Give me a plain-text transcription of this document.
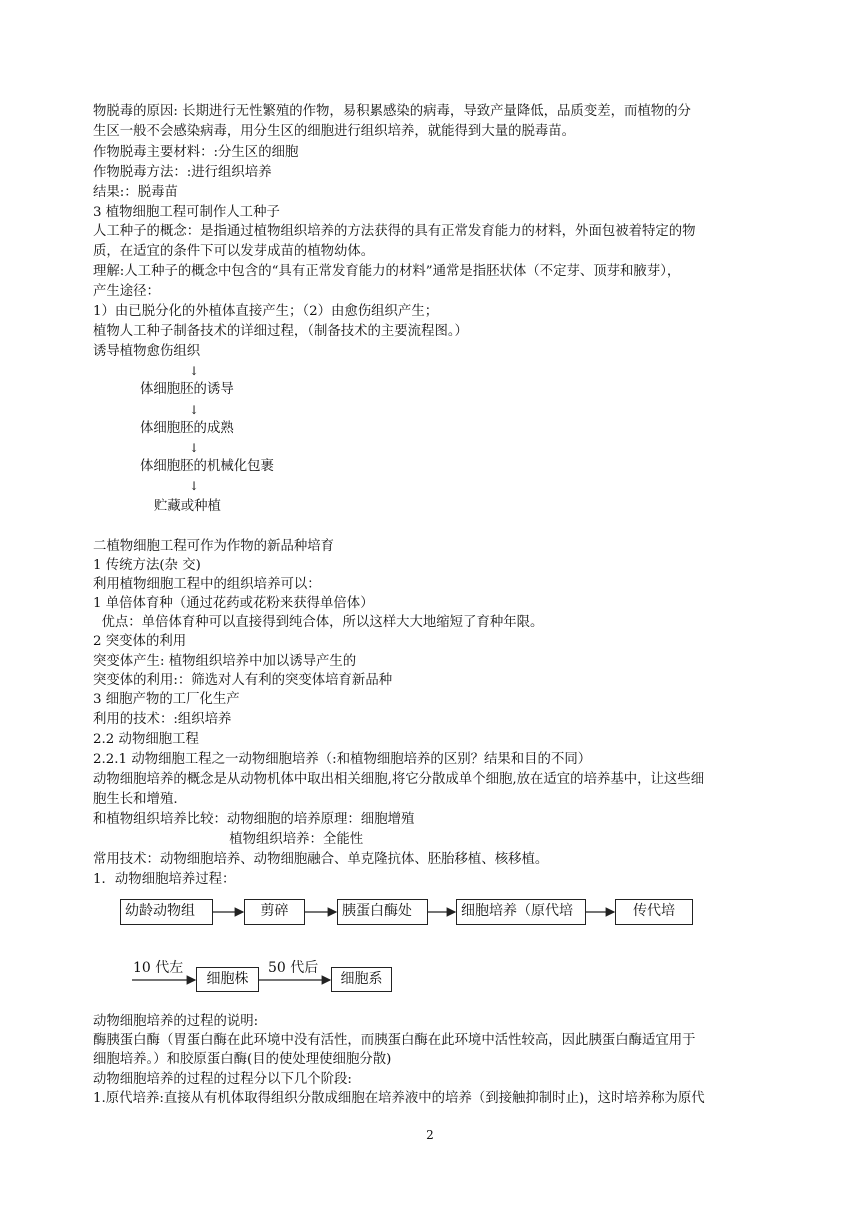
物脱毒的原因: 长期进行无性繁殖的作物，易积累感染的病毒，导致产量降低，品质变差，而植物的分
生区一般不会感染病毒，用分生区的细胞进行组织培养，就能得到大量的脱毒苗。
作物脱毒主要材料：:分生区的细胞
作物脱毒方法：:进行组织培养
结果:：脱毒苗
3 植物细胞工程可制作人工种子
人工种子的概念：是指通过植物组织培养的方法获得的具有正常发育能力的材料，外面包被着特定的物
质，在适宜的条件下可以发芽成苗的植物幼体。
理解:人工种子的概念中包含的“具有正常发育能力的材料”通常是指胚状体（不定芽、顶芽和腋芽），
产生途径：
1）由已脱分化的外植体直接产生；（2）由愈伤组织产生；
植物人工种子制备技术的详细过程，（制备技术的主要流程图。）
诱导植物愈伤组织
↓
体细胞胚的诱导
↓
体细胞胚的成熟
↓
体细胞胚的机械化包裹
↓
贮藏或种植
二植物细胞工程可作为作物的新品种培育
1 传统方法(杂 交)
利用植物细胞工程中的组织培养可以：
1 单倍体育种（通过花药或花粉来获得单倍体）
优点：单倍体育种可以直接得到纯合体，所以这样大大地缩短了育种年限。
2 突变体的利用
突变体产生: 植物组织培养中加以诱导产生的
突变体的利用:：筛选对人有利的突变体培育新品种
3 细胞产物的工厂化生产
利用的技术：:组织培养
2.2 动物细胞工程
2.2.1 动物细胞工程之一动物细胞培养（:和植物细胞培养的区别？结果和目的不同）
动物细胞培养的概念是从动物机体中取出相关细胞,将它分散成单个细胞,放在适宜的培养基中，让这些细
胞生长和增殖.
和植物组织培养比较：动物细胞的培养原理：细胞增殖
植物组织培养：全能性
常用技术：动物细胞培养、动物细胞融合、单克隆抗体、胚胎移植、核移植。
1．动物细胞培养过程：
幼龄动物组	剪碎	胰蛋白酶处	细胞培养（原代培	传代培
10 代左
细胞株
50 代后
细胞系
动物细胞培养的过程的说明:
酶胰蛋白酶（胃蛋白酶在此环境中没有活性，而胰蛋白酶在此环境中活性较高，因此胰蛋白酶适宜用于
细胞培养。）和胶原蛋白酶(目的使处理使细胞分散)
动物细胞培养的过程的过程分以下几个阶段:
1.原代培养:直接从有机体取得组织分散成细胞在培养液中的培养（到接触抑制时止)，这时培养称为原代
2
